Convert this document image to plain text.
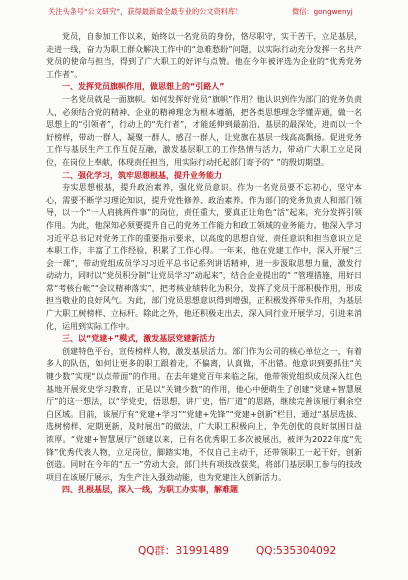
关注头条号“公文研究”，获得最新最全最专业的公文资料库！	微信：gongwenyj

党员，自参加工作以来，始终以一名党员的身份，恪尽职守，实干苦干，立足基层，走进一线，奋力为职工群众解决工作中的“急难愁盼”问题，以实际行动充分发挥一名共产党员的使命与担当，得到了广大职工的好评与点赞。他在今年被评选为企业的“优秀党务工作者”。

一、发挥党员旗帜作用，做思想上的“引路人”

一名党员就是一面旗帜。如何发挥好党员“旗帜”作用？他认识到作为部门的党务负责人，必须结合党的精神、企业的精神理念为根本遵循，把各类思想理念学懂弄通，做一名思想上的“引领者”，行动上的“先行者”，才能延伸到最前沿、基层的最深处，进而以一个好榜样，带动一群人，凝聚一群人，感召一群人，让党旗在基层一线高高飘扬。促进党务工作与基层生产工作互促互融，激发基层职工的工作热情与活力，带动广大职工立足岗位，在岗位上奉献，体现责任担当，用实际行动托起部门寄予的“ ”的殷切期望。

二、强化学习，筑牢思想根基，提升业务能力

夯实思想根基，提升政治素养，强化党员意识。作为一名党员要不忘初心，坚守本心，需要不断学习理论知识，提升党性修养、政治素养。作为部门的党务负责人和部门领导，以一个“一人肩挑两件事”的岗位，责任重大，要真正让角色“活”起来，充分发挥引领作用。为此，他深知必须要提升自己的党务工作能力和政工领域的业务能力。他深入学习习近平总书记对党务工作的重要指示要求，以高度的思想自觉、责任意识和担当意识立足本职工作，丰富了工作经验，积累了工作心得。一年来，他在党建工作中，深入开展“三会一课”，带动党组成员学习习近平总书记系列讲话精神，进一步汲取思想力量，激发行动动力，同时以“党员积分制”让党员学习“动起来”，结合企业提出的“ ”管理措施，用好日常“考核台帐”“会议精神落实”，把考核业绩转化为积分，发挥了党员干部积极作用，形成担当敬业的良好风气。为此，部门党员思想意识得到增强，正积极发挥带头作用，为基层广大职工树榜样、立标杆。除此之外，他还积极走出去，深入同行业开展学习，引进来消化，运用到实际工作中。

三、以“党建+”模式，激发基层党建新活力

创建特色平台，宣传榜样人物，激发基层活力。部门作为公司的核心单位之一，有着多人的队伍，如何让更多的职工跟着走，不偏离，认真做，不出错。他意识到要抓住“关键少数”实现“以点带面”的作用。在去年建党百年来临之际，他带领党组织成员深入红色基地开展党史学习教育，正是以“关键少数”的作用，他心中便萌生了创建“党建+智慧展厅”的这一想法，以“学党史，悟思想，讲厂史，悟厂道”的思路，继续完善该展厅剩余空白区域。目前，该展厅有“党建+学习”“党建+先锋”“党建+创新”栏目，通过“基层选拔、选树榜样，定期更新，及时展出”的做法，广大职工积极向上、争先创优的良好氛围日益浓厚。“党建+智慧展厅”创建以来，已有名优秀职工多次被展出，被评为2022年度“先锋”优秀代表人物，立足岗位，脚踏实地，不仅自己主动干，还带领职工一起干好，创新创造。同时在今年的“五一”劳动大会，部门共有项技改获奖，将部门基层职工参与的技改项目在该展厅展示，为生产注入强劲动能，也为党建注入创新活力。

四、扎根基层，深入一线，为职工办实事，解难题
QQ群：31991489	QQ:535304092
